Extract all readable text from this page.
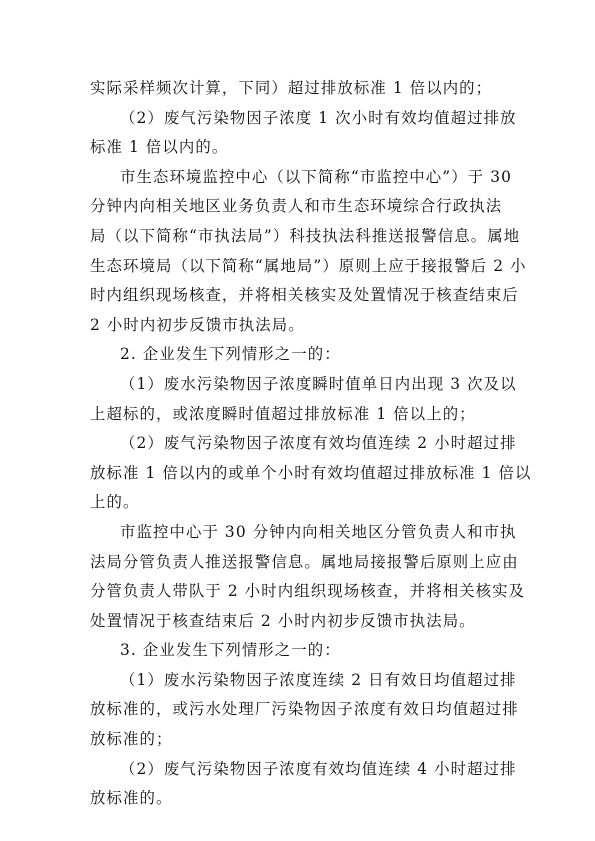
实际采样频次计算，下同）超过排放标准 1 倍以内的；
（2）废气污染物因子浓度 1 次小时有效均值超过排放
标准 1 倍以内的。
市生态环境监控中心（以下简称“市监控中心”）于 30
分钟内向相关地区业务负责人和市生态环境综合行政执法
局（以下简称“市执法局”）科技执法科推送报警信息。属地
生态环境局（以下简称“属地局”）原则上应于接报警后 2 小
时内组织现场核查，并将相关核实及处置情况于核查结束后
2 小时内初步反馈市执法局。
2. 企业发生下列情形之一的：
（1）废水污染物因子浓度瞬时值单日内出现 3 次及以
上超标的，或浓度瞬时值超过排放标准 1 倍以上的；
（2）废气污染物因子浓度有效均值连续 2 小时超过排
放标准 1 倍以内的或单个小时有效均值超过排放标准 1 倍以
上的。
市监控中心于 30 分钟内向相关地区分管负责人和市执
法局分管负责人推送报警信息。属地局接报警后原则上应由
分管负责人带队于 2 小时内组织现场核查，并将相关核实及
处置情况于核查结束后 2 小时内初步反馈市执法局。
3. 企业发生下列情形之一的：
（1）废水污染物因子浓度连续 2 日有效日均值超过排
放标准的，或污水处理厂污染物因子浓度有效日均值超过排
放标准的；
（2）废气污染物因子浓度有效均值连续 4 小时超过排
放标准的。
